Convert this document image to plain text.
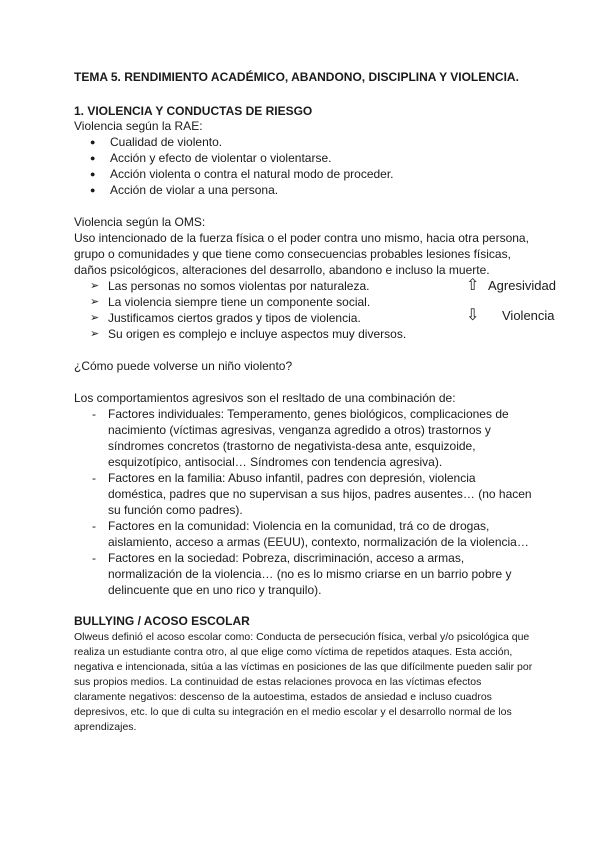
TEMA 5. RENDIMIENTO ACADÉMICO, ABANDONO, DISCIPLINA Y VIOLENCIA.
1. VIOLENCIA Y CONDUCTAS DE RIESGO
Violencia según la RAE:
● Cualidad de violento.
● Acción y efecto de violentar o violentarse.
● Acción violenta o contra el natural modo de proceder.
● Acción de violar a una persona.
Violencia según la OMS:

Uso intencionado de la fuerza física o el poder contra uno mismo, hacia otra persona, grupo o comunidades y que tiene como consecuencias probables lesiones físicas, daños psicológicos, alteraciones del desarrollo, abandono e incluso la muerte.

➢ Las personas no somos violentas por naturaleza.
➢ La violencia siempre tiene un componente social.
➢ Justificamos ciertos grados y tipos de violencia.
➢ Su origen es complejo e incluye aspectos muy diversos.
⇧ Agresividad
⇩	Violencia
¿Cómo puede volverse un niño violento?
Los comportamientos agresivos son el resltado de una combinación de:
- Factores individuales: Temperamento, genes biológicos, complicaciones de nacimiento (víctimas agresivas, venganza agredido a otros) trastornos y síndromes concretos (trastorno de negativista-desa ante, esquizoide, esquizotípico, antisocial… Síndromes con tendencia agresiva).
- Factores en la familia: Abuso infantil, padres con depresión, violencia doméstica, padres que no supervisan a sus hijos, padres ausentes… (no hacen su función como padres).
- Factores en la comunidad: Violencia en la comunidad, trá co de drogas, aislamiento, acceso a armas (EEUU), contexto, normalización de la violencia…
- Factores en la sociedad: Pobreza, discriminación, acceso a armas, normalización de la violencia… (no es lo mismo criarse en un barrio pobre y delincuente que en uno rico y tranquilo).
BULLYING / ACOSO ESCOLAR

Olweus definió el acoso escolar como: Conducta de persecución física, verbal y/o psicológica que realiza un estudiante contra otro, al que elige como víctima de repetidos ataques. Esta acción, negativa e intencionada, sitúa a las víctimas en posiciones de las que difícilmente pueden salir por sus propios medios. La continuidad de estas relaciones provoca en las víctimas efectos claramente negativos: descenso de la autoestima, estados de ansiedad e incluso cuadros depresivos, etc. lo que di cultа su integración en el medio escolar y el desarrollo normal de los aprendizajes.
